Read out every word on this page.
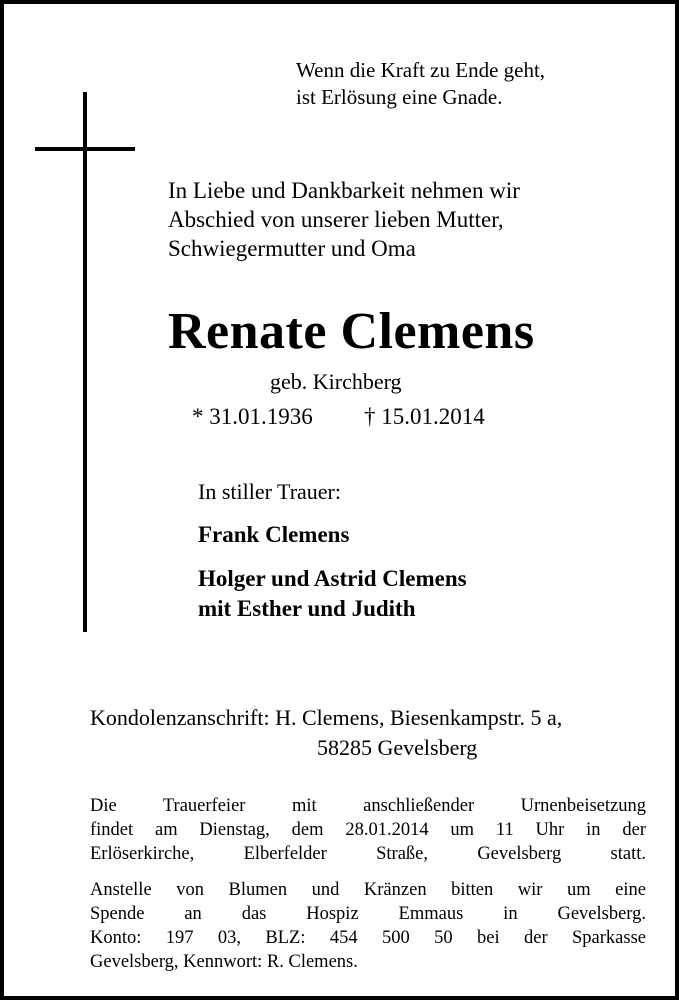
Wenn die Kraft zu Ende geht,
ist Erlösung eine Gnade.
In Liebe und Dankbarkeit nehmen wir
Abschied von unserer lieben Mutter,
Schwiegermutter und Oma
Renate Clemens
geb. Kirchberg
* 31.01.1936 † 15.01.2014
In stiller Trauer:
Frank Clemens
Holger und Astrid Clemens
mit Esther und Judith
Kondolenzanschrift: H. Clemens, Biesenkampstr. 5 a,
58285 Gevelsberg
Die Trauerfeier mit anschließender Urnenbeisetzung
findet am Dienstag, dem 28.01.2014 um 11 Uhr in der
Erlöserkirche, Elberfelder Straße, Gevelsberg statt.
Anstelle von Blumen und Kränzen bitten wir um eine
Spende an das Hospiz Emmaus in Gevelsberg.
Konto: 197 03, BLZ: 454 500 50 bei der Sparkasse
Gevelsberg, Kennwort: R. Clemens.
